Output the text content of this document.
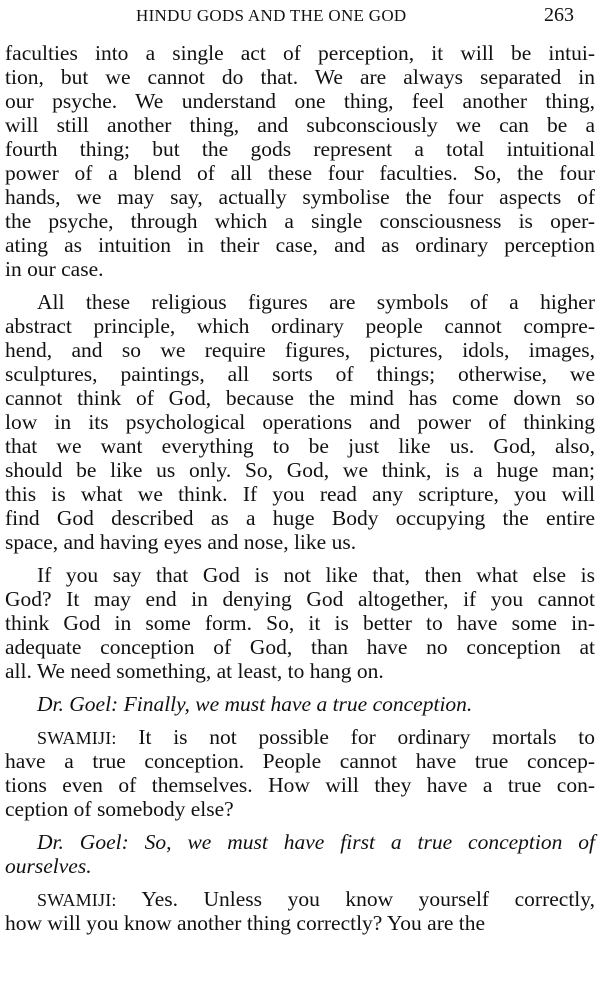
HINDU GODS AND THE ONE GOD	263
faculties into a single act of perception, it will be intui-
tion, but we cannot do that. We are always separated in
our psyche. We understand one thing, feel another thing,
will still another thing, and subconsciously we can be a
fourth thing; but the gods represent a total intuitional
power of a blend of all these four faculties. So, the four
hands, we may say, actually symbolise the four aspects of
the psyche, through which a single consciousness is oper-
ating as intuition in their case, and as ordinary perception
in our case.
All these religious figures are symbols of a higher
abstract principle, which ordinary people cannot compre-
hend, and so we require figures, pictures, idols, images,
sculptures, paintings, all sorts of things; otherwise, we
cannot think of God, because the mind has come down so
low in its psychological operations and power of thinking
that we want everything to be just like us. God, also,
should be like us only. So, God, we think, is a huge man;
this is what we think. If you read any scripture, you will
find God described as a huge Body occupying the entire
space, and having eyes and nose, like us.
If you say that God is not like that, then what else is
God? It may end in denying God altogether, if you cannot
think God in some form. So, it is better to have some in-
adequate conception of God, than have no conception at
all. We need something, at least, to hang on.
Dr. Goel: Finally, we must have a true conception.
SWAMIJI: It is not possible for ordinary mortals to
have a true conception. People cannot have true concep-
tions even of themselves. How will they have a true con-
ception of somebody else?
Dr. Goel: So, we must have first a true conception of
ourselves.
SWAMIJI: Yes. Unless you know yourself correctly,
how will you know another thing correctly? You are the
